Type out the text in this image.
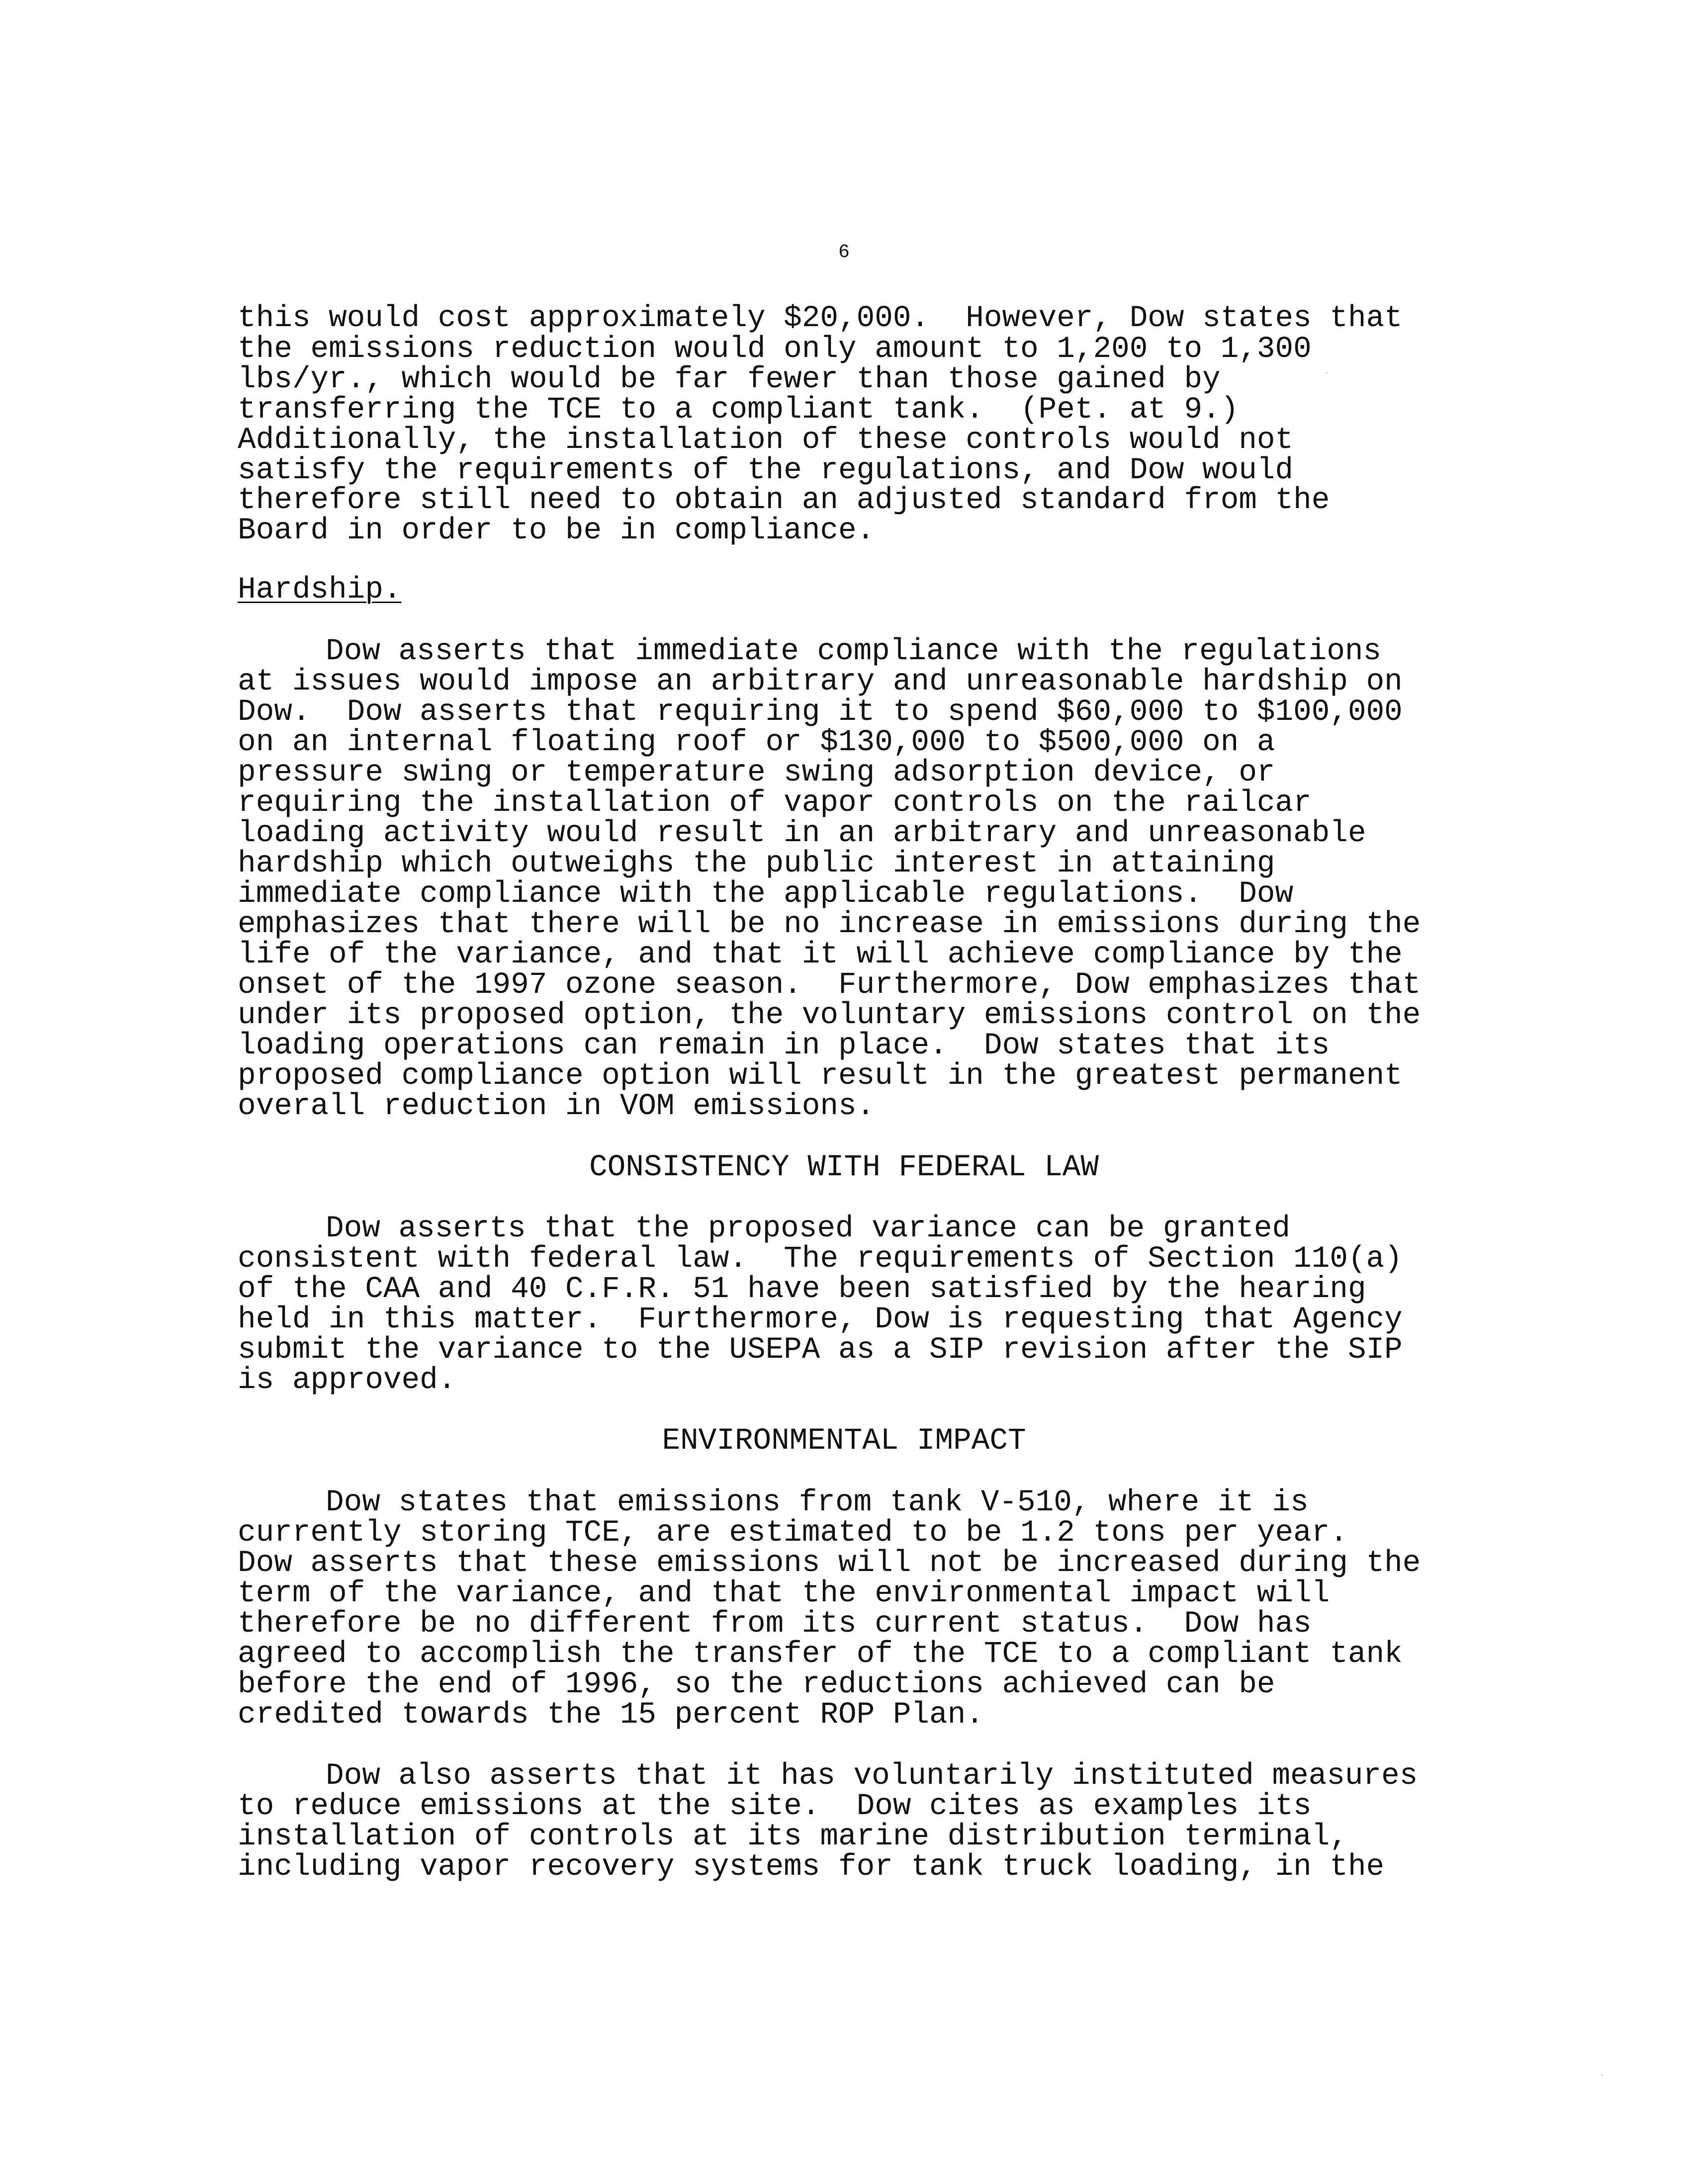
6
this would cost approximately $20,000.  However, Dow states that
the emissions reduction would only amount to 1,200 to 1,300
lbs/yr., which would be far fewer than those gained by
transferring the TCE to a compliant tank.  (Pet. at 9.)
Additionally, the installation of these controls would not
satisfy the requirements of the regulations, and Dow would
therefore still need to obtain an adjusted standard from the
Board in order to be in compliance.
Hardship.
Dow asserts that immediate compliance with the regulations
at issues would impose an arbitrary and unreasonable hardship on
Dow.  Dow asserts that requiring it to spend $60,000 to $100,000
on an internal floating roof or $130,000 to $500,000 on a
pressure swing or temperature swing adsorption device, or
requiring the installation of vapor controls on the railcar
loading activity would result in an arbitrary and unreasonable
hardship which outweighs the public interest in attaining
immediate compliance with the applicable regulations.  Dow
emphasizes that there will be no increase in emissions during the
life of the variance, and that it will achieve compliance by the
onset of the 1997 ozone season.  Furthermore, Dow emphasizes that
under its proposed option, the voluntary emissions control on the
loading operations can remain in place.  Dow states that its
proposed compliance option will result in the greatest permanent
overall reduction in VOM emissions.
CONSISTENCY WITH FEDERAL LAW
Dow asserts that the proposed variance can be granted
consistent with federal law.  The requirements of Section 110(a)
of the CAA and 40 C.F.R. 51 have been satisfied by the hearing
held in this matter.  Furthermore, Dow is requesting that Agency
submit the variance to the USEPA as a SIP revision after the SIP
is approved.
ENVIRONMENTAL IMPACT
Dow states that emissions from tank V-510, where it is
currently storing TCE, are estimated to be 1.2 tons per year.
Dow asserts that these emissions will not be increased during the
term of the variance, and that the environmental impact will
therefore be no different from its current status.  Dow has
agreed to accomplish the transfer of the TCE to a compliant tank
before the end of 1996, so the reductions achieved can be
credited towards the 15 percent ROP Plan.
Dow also asserts that it has voluntarily instituted measures
to reduce emissions at the site.  Dow cites as examples its
installation of controls at its marine distribution terminal,
including vapor recovery systems for tank truck loading, in the
